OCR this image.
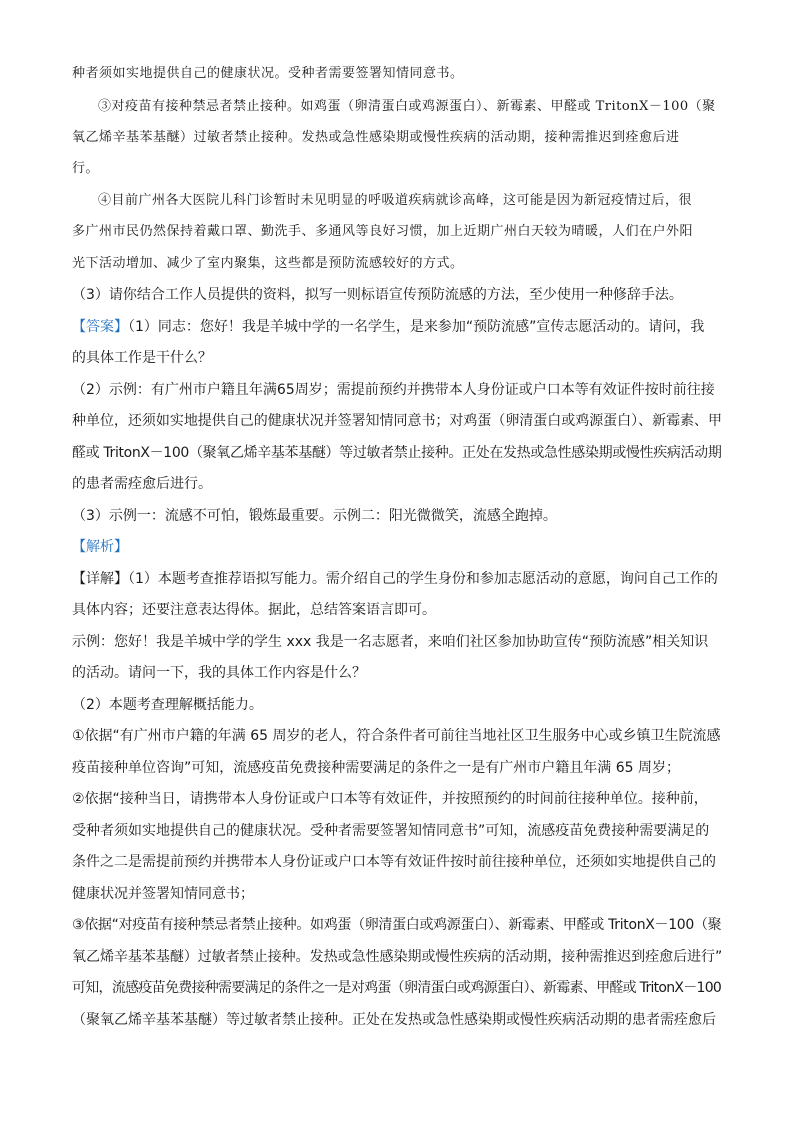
种者须如实地提供自己的健康状况。受种者需要签署知情同意书。
③对疫苗有接种禁忌者禁止接种。如鸡蛋（卵清蛋白或鸡源蛋白）、新霉素、甲醛或 TritonX－100（聚
氧乙烯辛基苯基醚）过敏者禁止接种。发热或急性感染期或慢性疾病的活动期，接种需推迟到痊愈后进
行。
④目前广州各大医院儿科门诊暂时未见明显的呼吸道疾病就诊高峰，这可能是因为新冠疫情过后，很
多广州市民仍然保持着戴口罩、勤洗手、多通风等良好习惯，加上近期广州白天较为晴暖，人们在户外阳
光下活动增加、减少了室内聚集，这些都是预防流感较好的方式。
（3）请你结合工作人员提供的资料，拟写一则标语宣传预防流感的方法，至少使用一种修辞手法。
【答案】（1）同志：您好！我是羊城中学的一名学生，是来参加“预防流感”宣传志愿活动的。请问，我
的具体工作是干什么？
（2）示例：有广州市户籍且年满65周岁；需提前预约并携带本人身份证或户口本等有效证件按时前往接
种单位，还须如实地提供自己的健康状况并签署知情同意书；对鸡蛋（卵清蛋白或鸡源蛋白）、新霉素、甲
醛或 TritonX－100（聚氧乙烯辛基苯基醚）等过敏者禁止接种。正处在发热或急性感染期或慢性疾病活动期
的患者需痊愈后进行。
（3）示例一：流感不可怕，锻炼最重要。示例二：阳光微微笑，流感全跑掉。
【解析】
【详解】（1）本题考查推荐语拟写能力。需介绍自己的学生身份和参加志愿活动的意愿，询问自己工作的
具体内容；还要注意表达得体。据此，总结答案语言即可。
示例：您好！我是羊城中学的学生 xxx 我是一名志愿者，来咱们社区参加协助宣传“预防流感”相关知识
的活动。请问一下，我的具体工作内容是什么？
（2）本题考查理解概括能力。
①依据“有广州市户籍的年满 65 周岁的老人，符合条件者可前往当地社区卫生服务中心或乡镇卫生院流感
疫苗接种单位咨询”可知，流感疫苗免费接种需要满足的条件之一是有广州市户籍且年满 65 周岁；
②依据“接种当日，请携带本人身份证或户口本等有效证件，并按照预约的时间前往接种单位。接种前，
受种者须如实地提供自己的健康状况。受种者需要签署知情同意书”可知，流感疫苗免费接种需要满足的
条件之二是需提前预约并携带本人身份证或户口本等有效证件按时前往接种单位，还须如实地提供自己的
健康状况并签署知情同意书；
③依据“对疫苗有接种禁忌者禁止接种。如鸡蛋（卵清蛋白或鸡源蛋白）、新霉素、甲醛或 TritonX－100（聚
氧乙烯辛基苯基醚）过敏者禁止接种。发热或急性感染期或慢性疾病的活动期，接种需推迟到痊愈后进行”
可知，流感疫苗免费接种需要满足的条件之一是对鸡蛋（卵清蛋白或鸡源蛋白）、新霉素、甲醛或 TritonX－100
（聚氧乙烯辛基苯基醚）等过敏者禁止接种。正处在发热或急性感染期或慢性疾病活动期的患者需痊愈后
